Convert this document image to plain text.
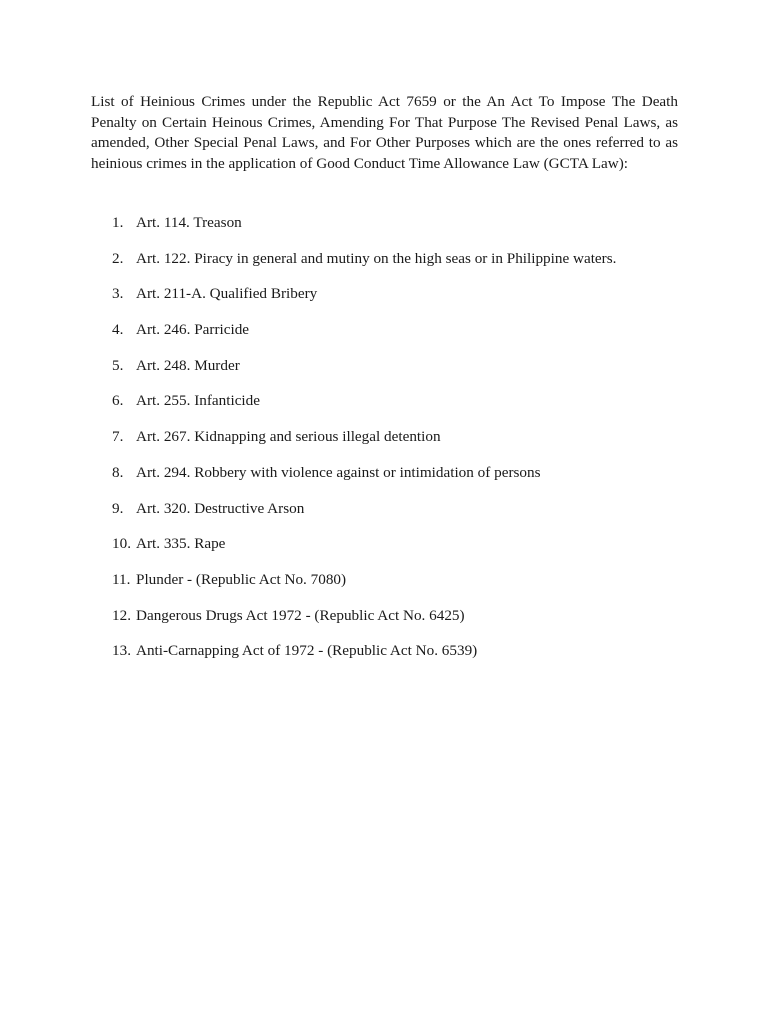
List of Heinious Crimes under the Republic Act 7659 or the An Act To Impose The Death Penalty on Certain Heinous Crimes, Amending For That Purpose The Revised Penal Laws, as amended, Other Special Penal Laws, and For Other Purposes which are the ones referred to as heinious crimes in the application of Good Conduct Time Allowance Law (GCTA Law):

1. Art. 114. Treason
2. Art. 122. Piracy in general and mutiny on the high seas or in Philippine waters.
3. Art. 211-A. Qualified Bribery
4. Art. 246. Parricide
5. Art. 248. Murder
6. Art. 255. Infanticide
7. Art. 267. Kidnapping and serious illegal detention
8. Art. 294. Robbery with violence against or intimidation of persons
9. Art. 320. Destructive Arson
10. Art. 335. Rape
11. Plunder - (Republic Act No. 7080)
12. Dangerous Drugs Act 1972 - (Republic Act No. 6425)
13. Anti-Carnapping Act of 1972 - (Republic Act No. 6539)
